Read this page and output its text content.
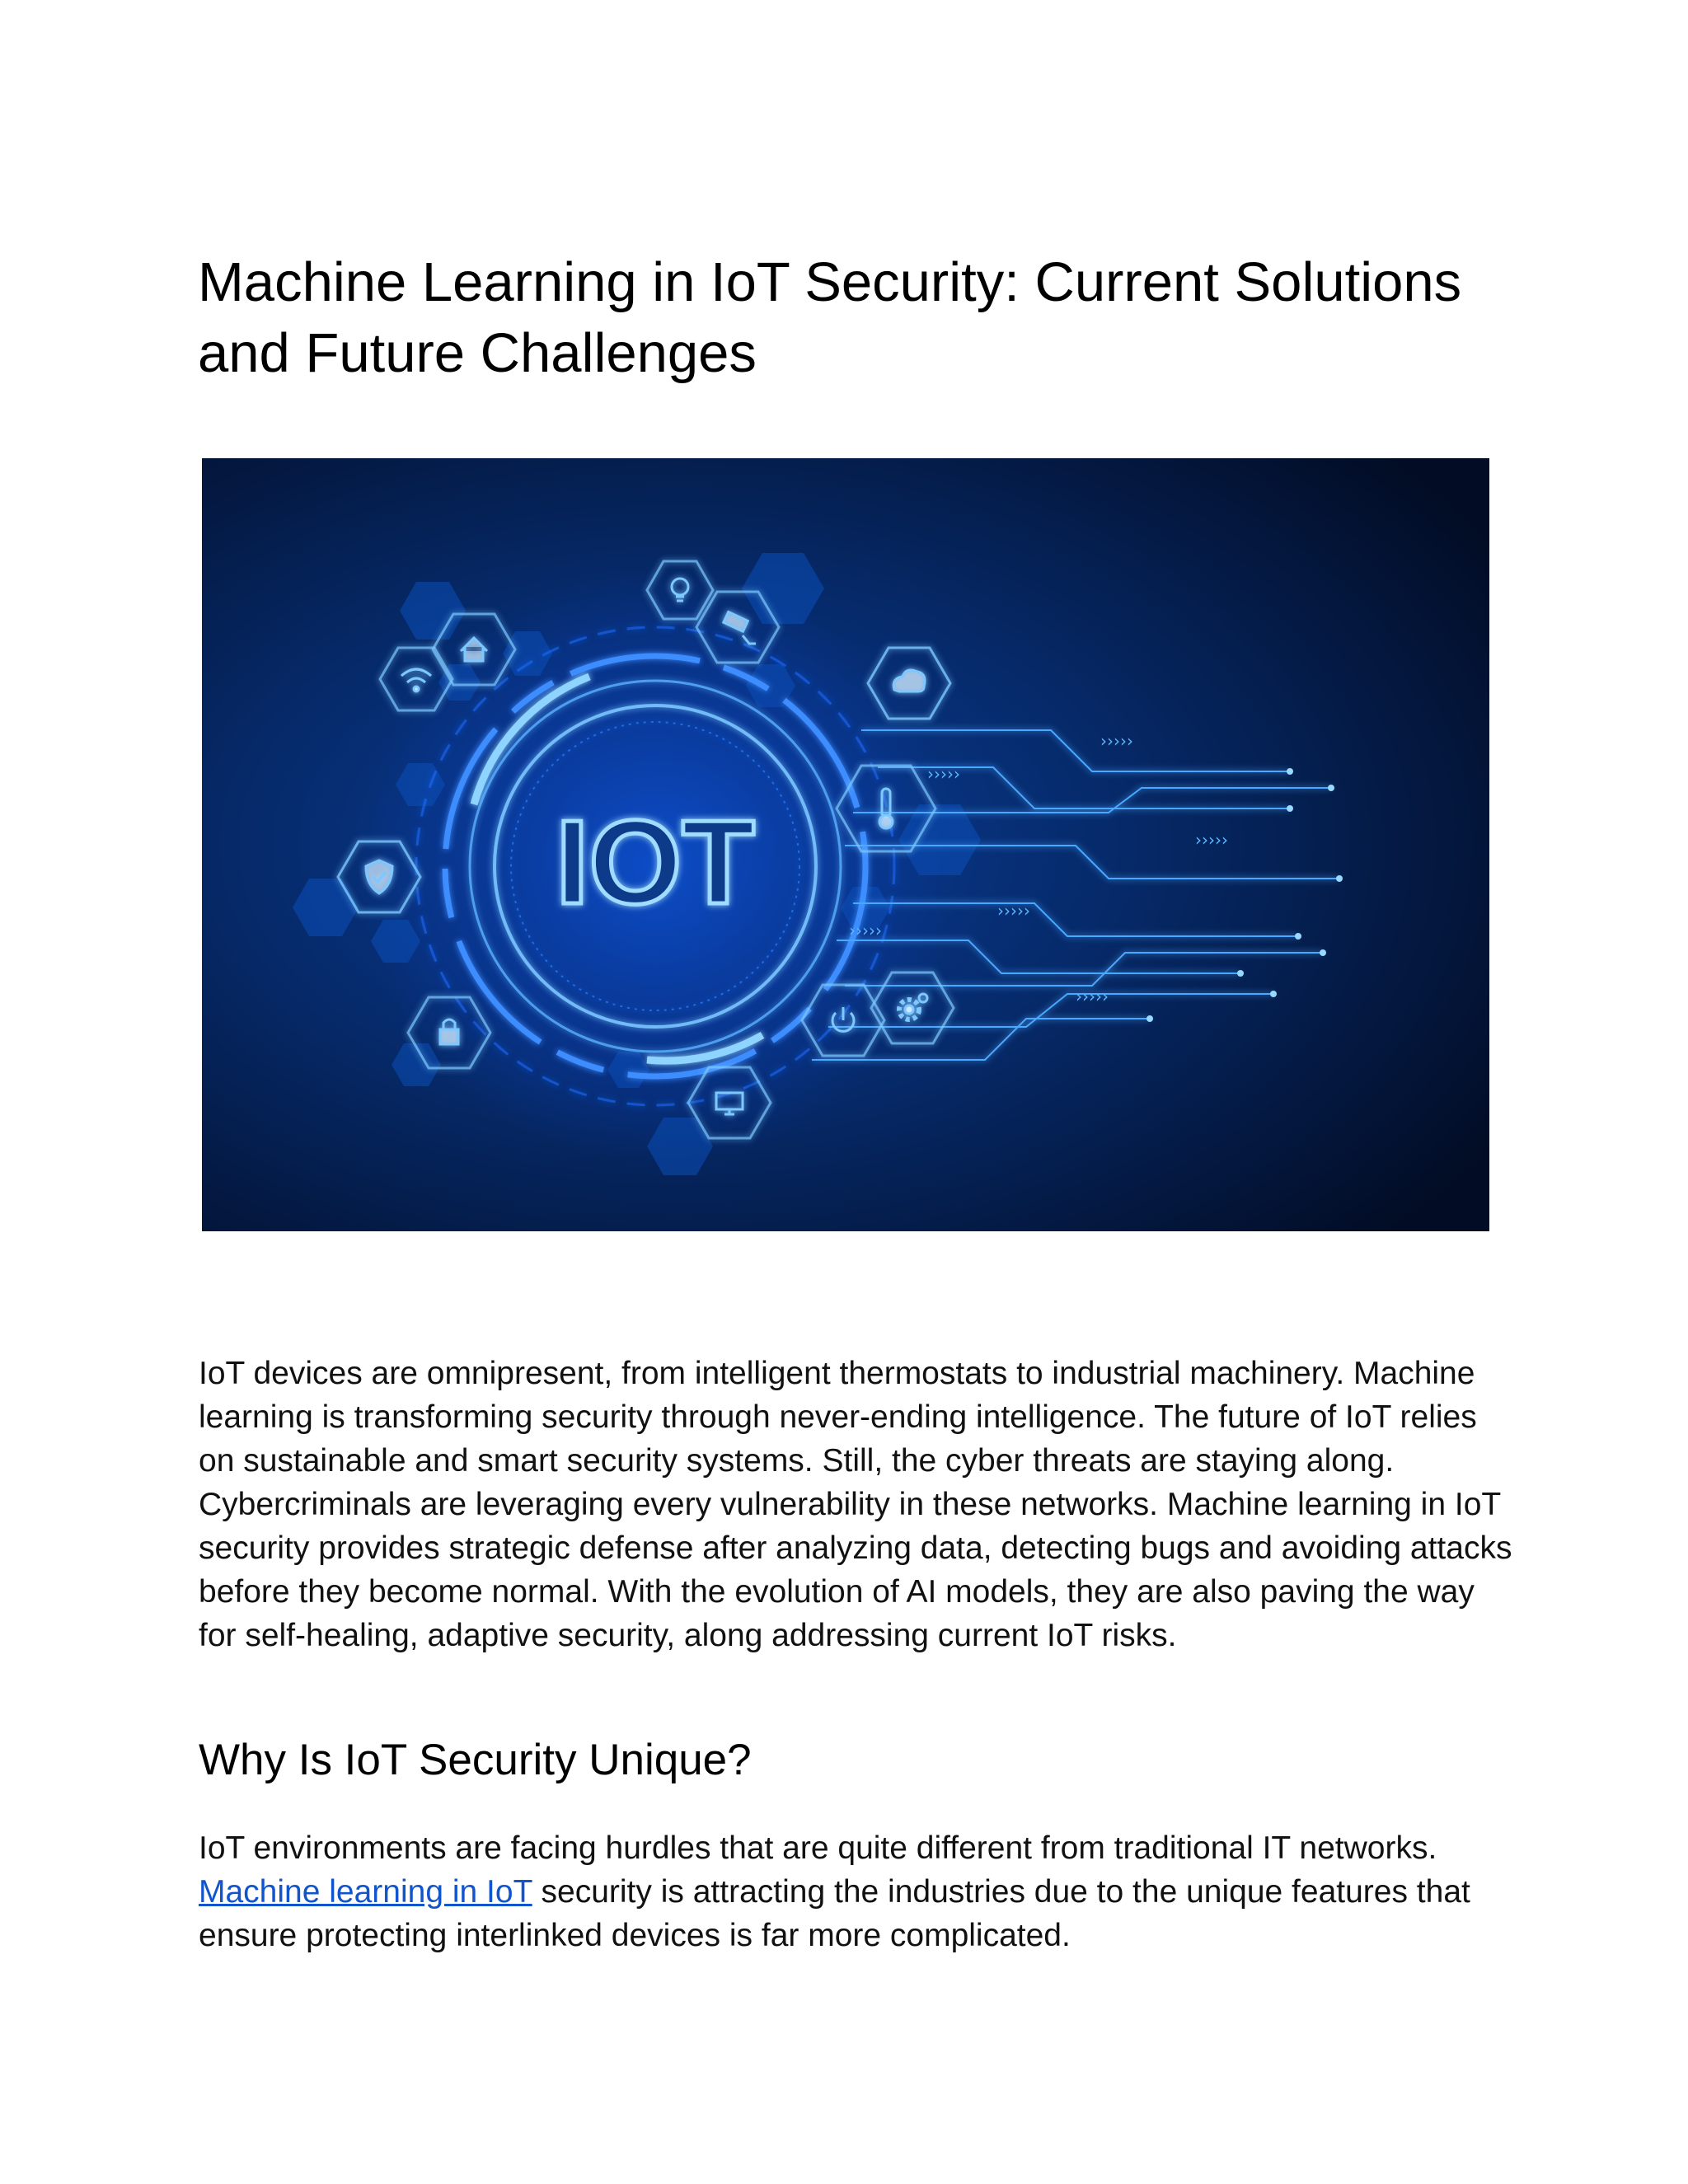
Machine Learning in IoT Security: Current Solutions
and Future Challenges
IOT
›››››
›››››
›››››
›››››
›››››
›››››

IoT devices are omnipresent, from intelligent thermostats to industrial machinery. Machine learning is transforming security through never-ending intelligence. The future of IoT relies on sustainable and smart security systems. Still, the cyber threats are staying along. Cybercriminals are leveraging every vulnerability in these networks. Machine learning in IoT security provides strategic defense after analyzing data, detecting bugs and avoiding attacks before they become normal. With the evolution of AI models, they are also paving the way for self-healing, adaptive security, along addressing current IoT risks.

Why Is IoT Security Unique?

IoT environments are facing hurdles that are quite different from traditional IT networks. Machine learning in IoT security is attracting the industries due to the unique features that ensure protecting interlinked devices is far more complicated.
